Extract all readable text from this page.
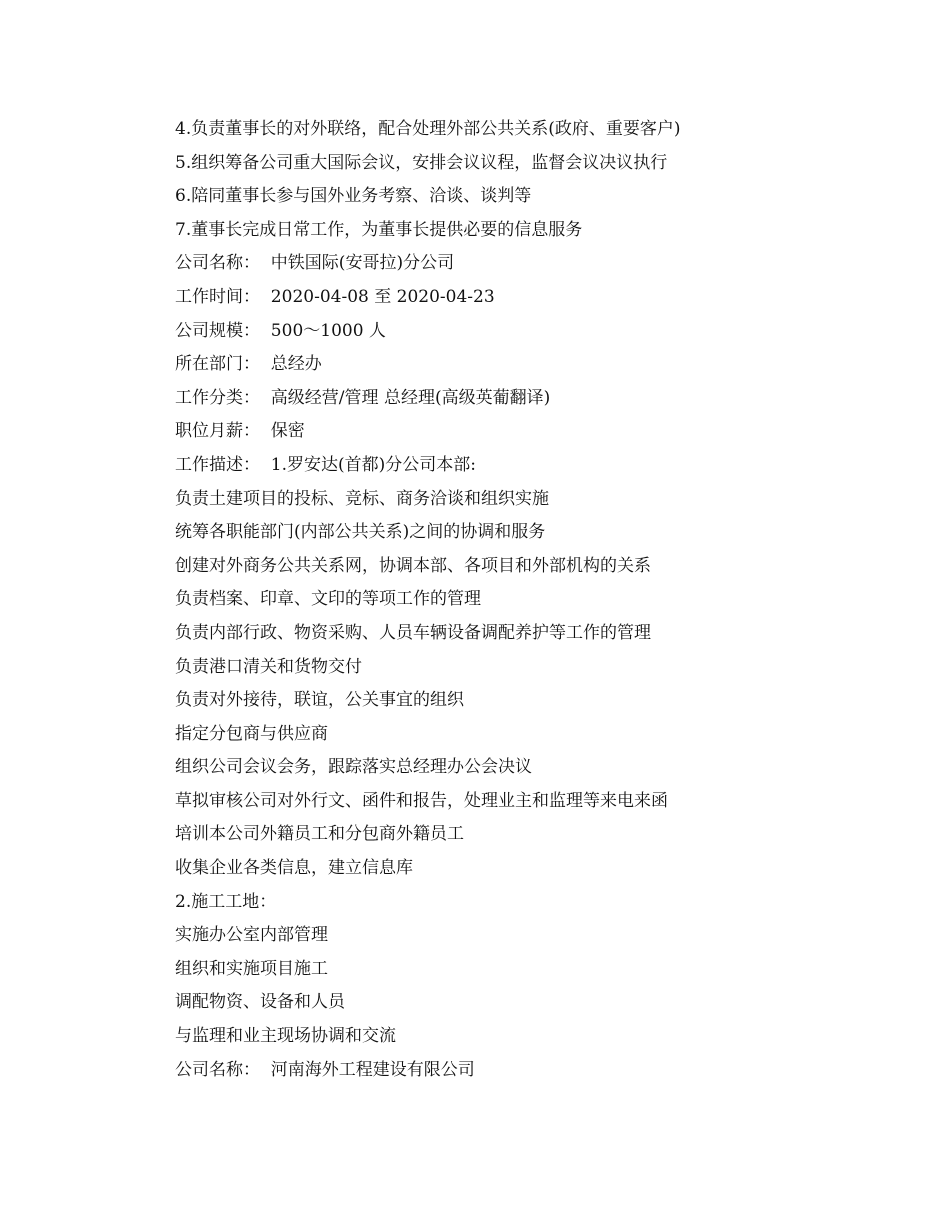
4.负责董事长的对外联络，配合处理外部公共关系(政府、重要客户)
5.组织筹备公司重大国际会议，安排会议议程，监督会议决议执行
6.陪同董事长参与国外业务考察、洽谈、谈判等
7.董事长完成日常工作，为董事长提供必要的信息服务
公司名称：  中铁国际(安哥拉)分公司
工作时间：  2020-04-08 至 2020-04-23
公司规模：  500～1000 人
所在部门：  总经办
工作分类：  高级经营/管理 总经理(高级英葡翻译)
职位月薪：  保密
工作描述：  1.罗安达(首都)分公司本部:
负责土建项目的投标、竞标、商务洽谈和组织实施
统筹各职能部门(内部公共关系)之间的协调和服务
创建对外商务公共关系网，协调本部、各项目和外部机构的关系
负责档案、印章、文印的等项工作的管理
负责内部行政、物资采购、人员车辆设备调配养护等工作的管理
负责港口清关和货物交付
负责对外接待，联谊，公关事宜的组织
指定分包商与供应商
组织公司会议会务，跟踪落实总经理办公会决议
草拟审核公司对外行文、函件和报告，处理业主和监理等来电来函
培训本公司外籍员工和分包商外籍员工
收集企业各类信息，建立信息库
2.施工工地：
实施办公室内部管理
组织和实施项目施工
调配物资、设备和人员
与监理和业主现场协调和交流
公司名称：  河南海外工程建设有限公司
